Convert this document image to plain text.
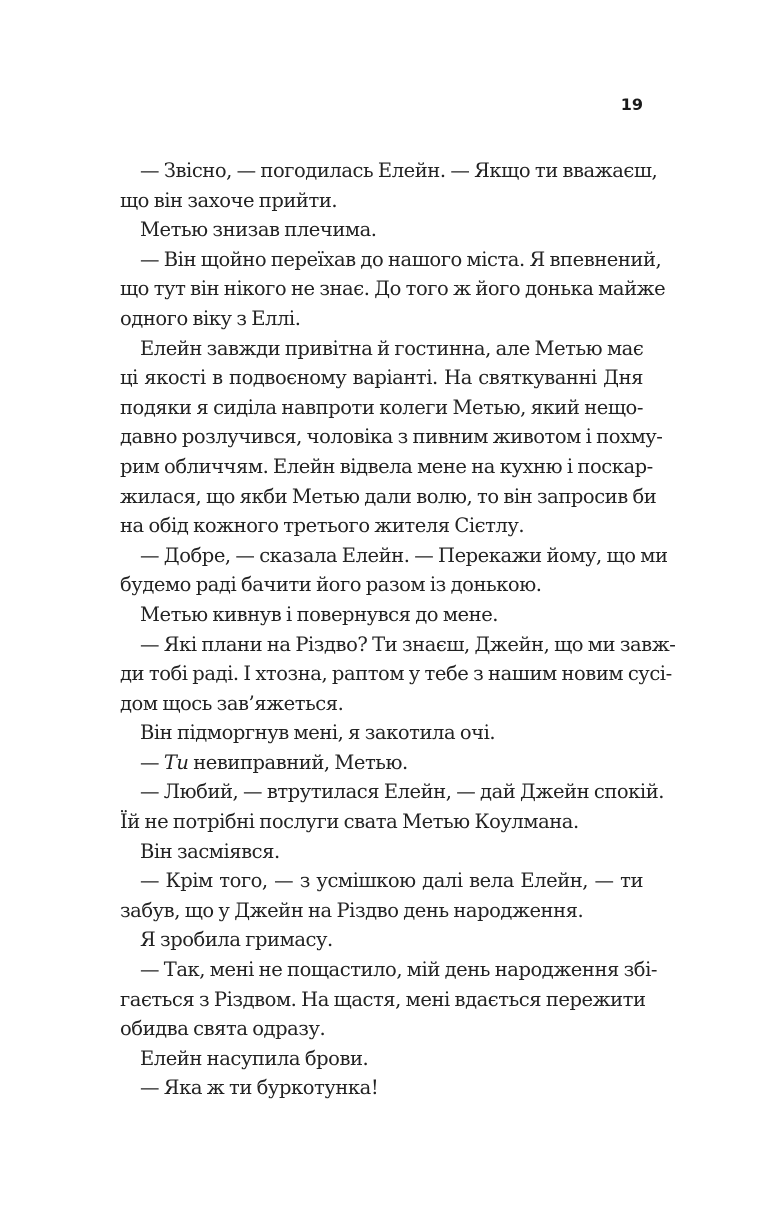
19
— Звісно, — погодилась Елейн. — Якщо ти вважаєш,
що він захоче прийти.
Метью знизав плечима.
— Він щойно переїхав до нашого міста. Я впевнений,
що тут він нікого не знає. До того ж його донька майже
одного віку з Еллі.
Елейн завжди привітна й гостинна, але Метью має
ці якості в подвоєному варіанті. На святкуванні Дня
подяки я сиділа навпроти колеги Метью, який нещо-
давно розлучився, чоловіка з пивним животом і похму-
рим обличчям. Елейн відвела мене на кухню і поскар-
жилася, що якби Метью дали волю, то він запросив би
на обід кожного третього жителя Сієтлу.
— Добре, — сказала Елейн. — Перекажи йому, що ми
будемо раді бачити його разом із донькою.
Метью кивнув і повернувся до мене.
— Які плани на Різдво? Ти знаєш, Джейн, що ми завж-
ди тобі раді. І хтозна, раптом у тебе з нашим новим сусі-
дом щось зав’яжеться.
Він підморгнув мені, я закотила очі.
— Ти невиправний, Метью.
— Любий, — втрутилася Елейн, — дай Джейн спокій.
Їй не потрібні послуги свата Метью Коулмана.
Він засміявся.
— Крім того, — з усмішкою далі вела Елейн, — ти
забув, що у Джейн на Різдво день народження.
Я зробила гримасу.
— Так, мені не пощастило, мій день народження збі-
гається з Різдвом. На щастя, мені вдається пережити
обидва свята одразу.
Елейн насупила брови.
— Яка ж ти буркотунка!
